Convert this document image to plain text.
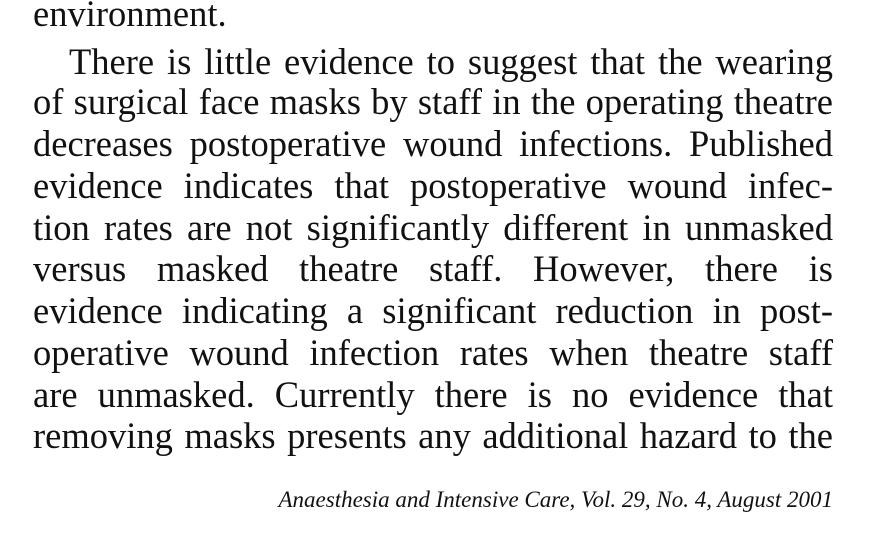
environment.
There is little evidence to suggest that the wearing
of surgical face masks by staff in the operating theatre
decreases postoperative wound infections. Published
evidence indicates that postoperative wound infec-
tion rates are not significantly different in unmasked
versus masked theatre staff. However, there is
evidence indicating a significant reduction in post-
operative wound infection rates when theatre staff
are unmasked. Currently there is no evidence that
removing masks presents any additional hazard to the
Anaesthesia and Intensive Care, Vol. 29, No. 4, August 2001
